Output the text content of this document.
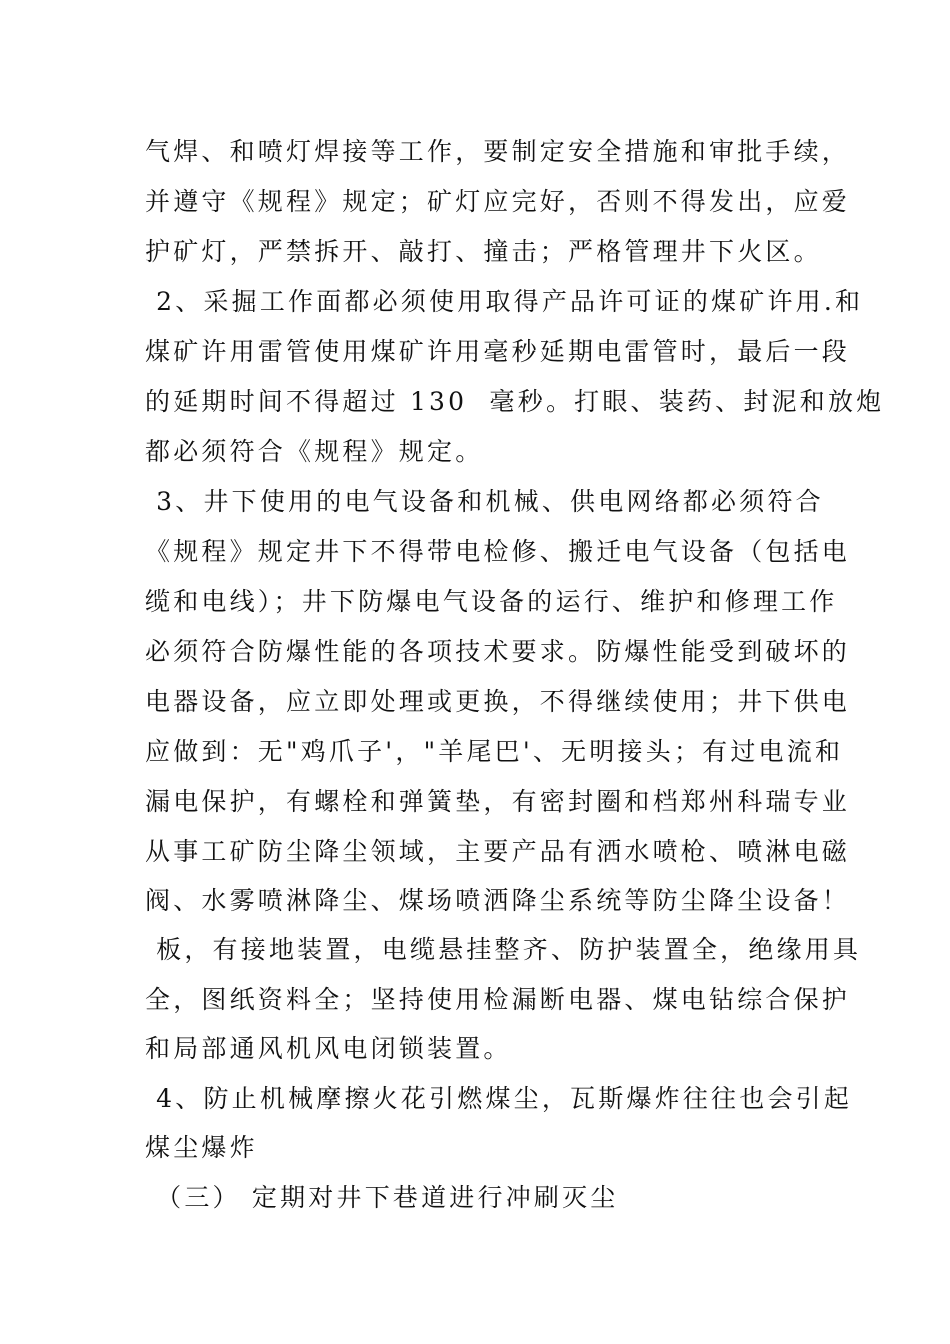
气焊、和喷灯焊接等工作，要制定安全措施和审批手续，
并遵守《规程》规定；矿灯应完好，否则不得发出，应爱
护矿灯，严禁拆开、敲打、撞击；严格管理井下火区。
2、采掘工作面都必须使用取得产品许可证的煤矿许用.和
煤矿许用雷管使用煤矿许用毫秒延期电雷管时，最后一段
的延期时间不得超过 130  毫秒。打眼、装药、封泥和放炮
都必须符合《规程》规定。
3、井下使用的电气设备和机械、供电网络都必须符合
《规程》规定井下不得带电检修、搬迁电气设备（包括电
缆和电线）；井下防爆电气设备的运行、维护和修理工作
必须符合防爆性能的各项技术要求。防爆性能受到破坏的
电器设备，应立即处理或更换，不得继续使用；井下供电
应做到：无"鸡爪子'，"羊尾巴'、无明接头；有过电流和
漏电保护，有螺栓和弹簧垫，有密封圈和档郑州科瑞专业
从事工矿防尘降尘领域，主要产品有洒水喷枪、喷淋电磁
阀、水雾喷淋降尘、煤场喷洒降尘系统等防尘降尘设备！
板，有接地装置，电缆悬挂整齐、防护装置全，绝缘用具
全，图纸资料全；坚持使用检漏断电器、煤电钻综合保护
和局部通风机风电闭锁装置。
4、防止机械摩擦火花引燃煤尘，瓦斯爆炸往往也会引起
煤尘爆炸
（三） 定期对井下巷道进行冲刷灭尘
